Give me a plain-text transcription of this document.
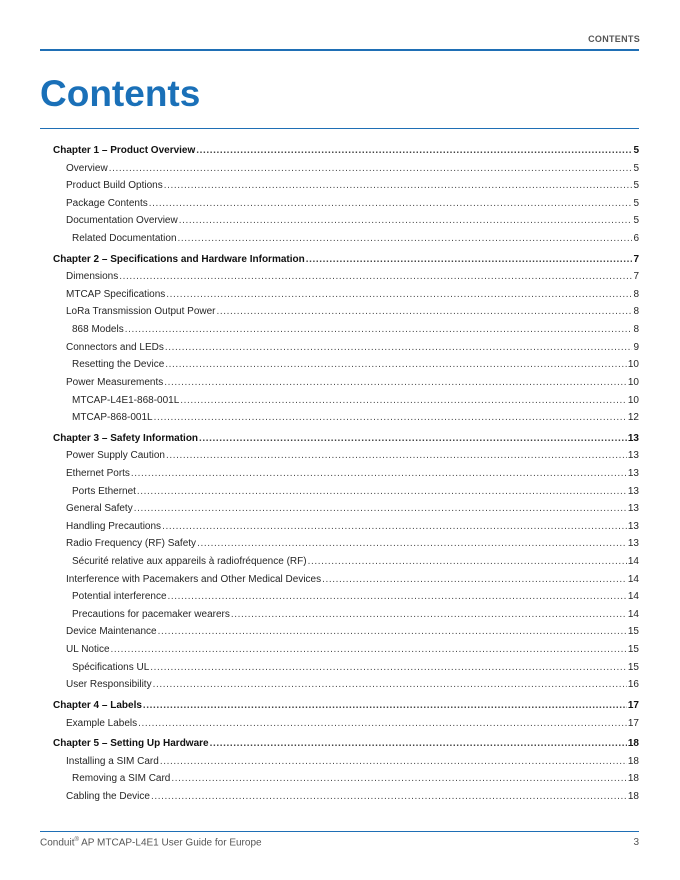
CONTENTS
Contents
Chapter 1 – Product Overview .....	5
Overview .....	5
Product Build Options .....	5
Package Contents .....	5
Documentation Overview .....	5
Related Documentation .....	6
Chapter 2 – Specifications and Hardware Information .....	7
Dimensions .....	7
MTCAP Specifications .....	8
LoRa Transmission Output Power .....	8
868 Models .....	8
Connectors and LEDs .....	9
Resetting the Device .....	10
Power Measurements .....	10
MTCAP-L4E1-868-001L .....	10
MTCAP-868-001L .....	12
Chapter 3 – Safety Information .....	13
Power Supply Caution .....	13
Ethernet Ports .....	13
Ports Ethernet .....	13
General Safety .....	13
Handling Precautions .....	13
Radio Frequency (RF) Safety .....	13
Sécurité relative aux appareils à radiofréquence (RF) .....	14
Interference with Pacemakers and Other Medical Devices .....	14
Potential interference .....	14
Precautions for pacemaker wearers .....	14
Device Maintenance .....	15
UL Notice .....	15
Spécifications UL .....	15
User Responsibility .....	16
Chapter 4 – Labels .....	17
Example Labels .....	17
Chapter 5 – Setting Up Hardware .....	18
Installing a SIM Card .....	18
Removing a SIM Card .....	18
Cabling the Device .....	18
Conduit® AP MTCAP-L4E1 User Guide for Europe	3
